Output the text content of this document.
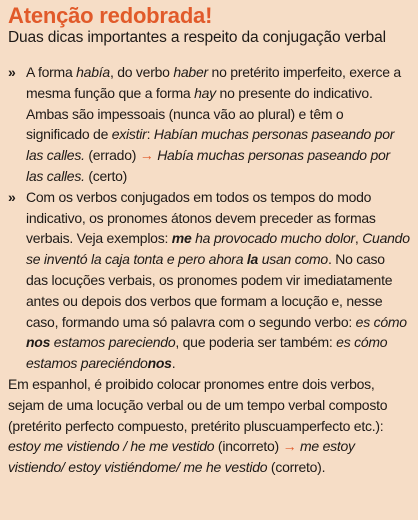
Atenção redobrada!

Duas dicas importantes a respeito da conjugação verbal

» A forma había, do verbo haber no pretérito imperfeito, exerce a mesma função que a forma hay no presente do indicativo. Ambas são impessoais (nunca vão ao plural) e têm o significado de existir: Habían muchas personas paseando por las calles. (errado) → Había muchas personas paseando por las calles. (certo)
» Com os verbos conjugados em todos os tempos do modo indicativo, os pronomes átonos devem preceder as formas verbais. Veja exemplos: me ha provocado mucho dolor, Cuando se inventó la caja tonta e pero ahora la usan como. No caso das locuções verbais, os pronomes podem vir imediatamente antes ou depois dos verbos que formam a locução e, nesse caso, formando uma só palavra com o segundo verbo: es cómo nos estamos pareciendo, que poderia ser também: es cómo estamos pareciéndonos.

Em espanhol, é proibido colocar pronomes entre dois verbos, sejam de uma locução verbal ou de um tempo verbal composto (pretérito perfecto compuesto, pretérito pluscuamperfecto etc.): estoy me vistiendo / he me vestido (incorreto) → me estoy vistiendo/ estoy vistiéndome/ me he vestido (correto).
